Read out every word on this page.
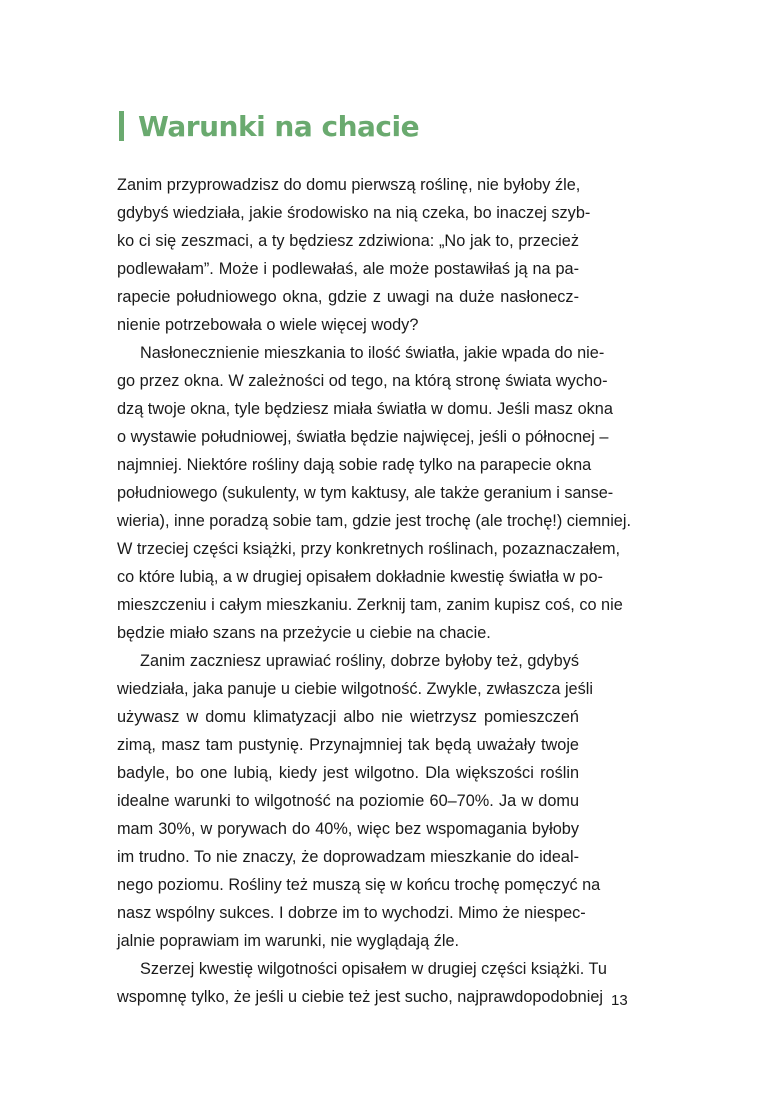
Warunki na chacie
Zanim przyprowadzisz do domu pierwszą roślinę, nie byłoby źle,
gdybyś wiedziała, jakie środowisko na nią czeka, bo inaczej szyb-
ko ci się zeszmaci, a ty będziesz zdziwiona: „No jak to, przecież
podlewałam”. Może i podlewałaś, ale może postawiłaś ją na pa-
rapecie południowego okna, gdzie z uwagi na duże nasłonecz-
nienie potrzebowała o wiele więcej wody?
Nasłonecznienie mieszkania to ilość światła, jakie wpada do nie-
go przez okna. W zależności od tego, na którą stronę świata wycho-
dzą twoje okna, tyle będziesz miała światła w domu. Jeśli masz okna
o wystawie południowej, światła będzie najwięcej, jeśli o północnej –
najmniej. Niektóre rośliny dają sobie radę tylko na parapecie okna
południowego (sukulenty, w tym kaktusy, ale także geranium i sanse-
wieria), inne poradzą sobie tam, gdzie jest trochę (ale trochę!) ciemniej.
W trzeciej części książki, przy konkretnych roślinach, pozaznaczałem,
co które lubią, a w drugiej opisałem dokładnie kwestię światła w po-
mieszczeniu i całym mieszkaniu. Zerknij tam, zanim kupisz coś, co nie
będzie miało szans na przeżycie u ciebie na chacie.
Zanim zaczniesz uprawiać rośliny, dobrze byłoby też, gdybyś
wiedziała, jaka panuje u ciebie wilgotność. Zwykle, zwłaszcza jeśli
używasz w domu klimatyzacji albo nie wietrzysz pomieszczeń
zimą, masz tam pustynię. Przynajmniej tak będą uważały twoje
badyle, bo one lubią, kiedy jest wilgotno. Dla większości roślin
idealne warunki to wilgotność na poziomie 60–70%. Ja w domu
mam 30%, w porywach do 40%, więc bez wspomagania byłoby
im trudno. To nie znaczy, że doprowadzam mieszkanie do ideal-
nego poziomu. Rośliny też muszą się w końcu trochę pomęczyć na
nasz wspólny sukces. I dobrze im to wychodzi. Mimo że niespec-
jalnie poprawiam im warunki, nie wyglądają źle.
Szerzej kwestię wilgotności opisałem w drugiej części książki. Tu
wspomnę tylko, że jeśli u ciebie też jest sucho, najprawdopodobniej 13
